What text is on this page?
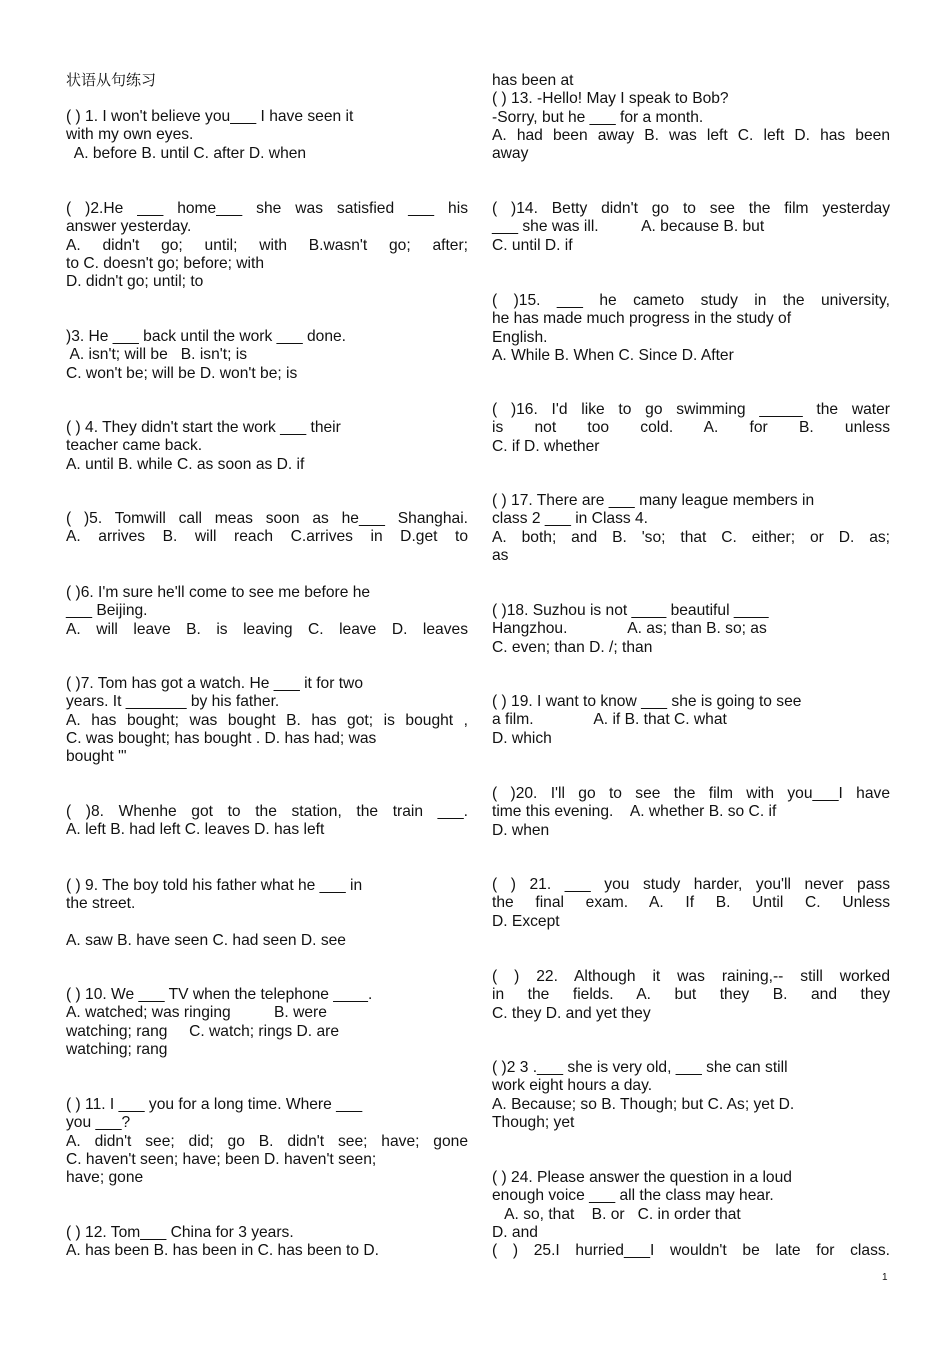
状语从句练习
( ) 1. I won't believe you___ I have seen it
with my own eyes.
A. before B. until C. after D. when
( )2.He ___ home___ she was satisfied ___ his
answer yesterday.
A. didn't go; until; with B.wasn't go; after;
to C. doesn't go; before; with
D. didn't go; until; to
)3. He ___ back until the work ___ done.
A. isn't; will be   B. isn't; is
C. won't be; will be D. won't be; is
( ) 4. They didn't start the work ___ their
teacher came back.
A. until B. while C. as soon as D. if
( )5. Tomwill call meas soon as he___ Shanghai.
A. arrives B. will reach C.arrives in D.get to
( )6. I'm sure he'll come to see me before he
___ Beijing.
A. will leave B. is leaving C. leave D. leaves
( )7. Tom has got a watch. He ___ it for two
years. It _______ by his father.
A. has bought; was bought B. has got; is bought ,
C. was bought; has bought . D. has had; was
bought '"
( )8. Whenhe got to the station, the train ___.
A. left B. had left C. leaves D. has left
( ) 9. The boy told his father what he ___ in
the street.
A. saw B. have seen C. had seen D. see
( ) 10. We ___ TV when the telephone ____.
A. watched; was ringing          B. were
watching; rang     C. watch; rings D. are
watching; rang
( ) 11. I ___ you for a long time. Where ___
you ___?
A. didn't see; did; go B. didn't see; have; gone
C. haven't seen; have; been D. haven't seen;
have; gone
( ) 12. Tom___ China for 3 years.
A. has been B. has been in C. has been to D.
has been at
( ) 13. -Hello! May I speak to Bob?
-Sorry, but he ___ for a month.
A. had been away B. was left C. left D. has been
away
( )14. Betty didn't go to see the film yesterday
___ she was ill.          A. because B. but
C. until D. if
( )15. ___ he cameto study in the university,
he has made much progress in the study of
English.
A. While B. When C. Since D. After
( )16. I'd like to go swimming _____ the water
is not too cold. A. for B. unless
C. if D. whether
( ) 17. There are ___ many league members in
class 2 ___ in Class 4.
A. both; and B. 'so; that C. either; or D. as;
as
( )18. Suzhou is not ____ beautiful ____
Hangzhou.              A. as; than B. so; as
C. even; than D. /; than
( ) 19. I want to know ___ she is going to see
a film.              A. if B. that C. what
D. which
( )20. I'll go to see the film with you___I have
time this evening.    A. whether B. so C. if
D. when
( ) 21. ___ you study harder, you'll never pass
the final exam. A. If B. Until C. Unless
D. Except
( ) 22. Although it was raining,-- still worked
in the fields. A. but they B. and they
C. they D. and yet they
( )2 3 .___ she is very old, ___ she can still
work eight hours a day.
A. Because; so B. Though; but C. As; yet D.
Though; yet
( ) 24. Please answer the question in a loud
enough voice ___ all the class may hear.
A. so, that    B. or   C. in order that
D. and
( ) 25.I hurried___I wouldn't be late for class.
1
